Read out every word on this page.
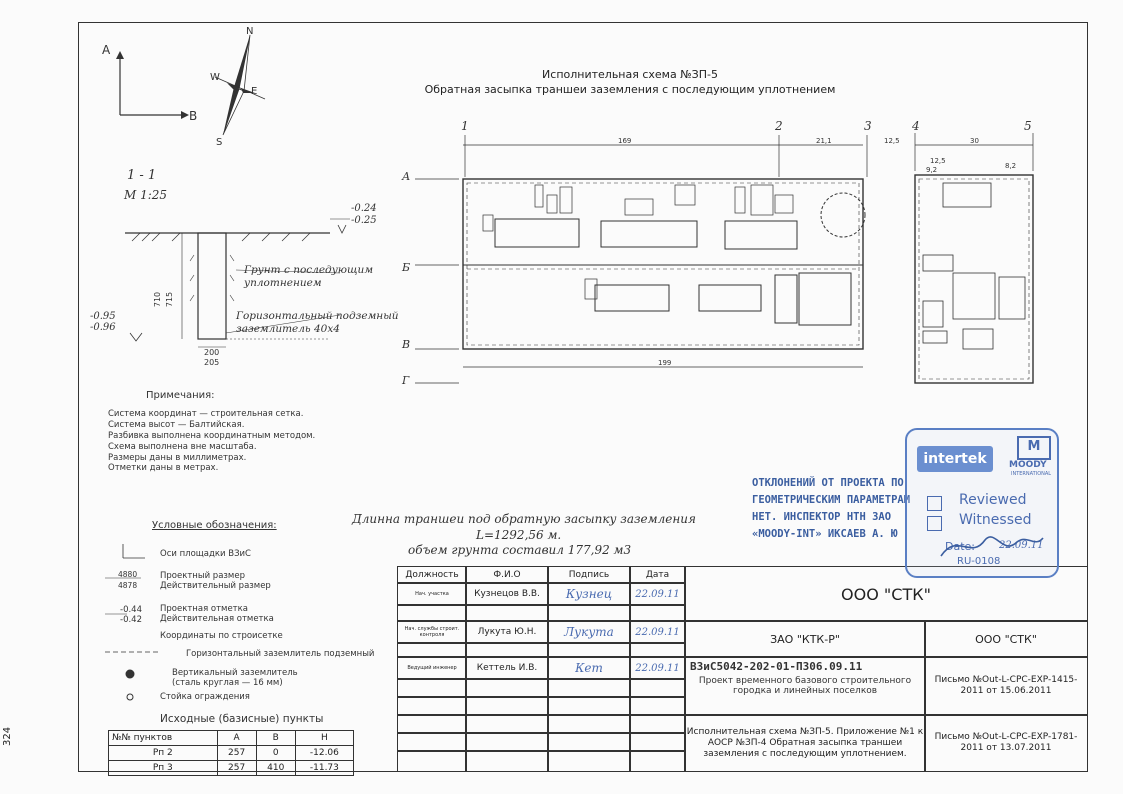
324
A
B
N
S
W
E
Исполнительная схема №ЗП-5
Обратная засыпка траншеи заземления с последующим уплотнением
1 - 1
М 1:25
-0.24
-0.25
-0.95
-0.96
710 715
200
205
Грунт с последующим уплотнением
Горизонтальный подземный заземлитель 40х4
1	2	3	4	5
А
Б
В
Г
169
199
30
21,1	12,5
12,5
9,2	8,2
Примечания:
Система координат — строительная сетка.
Система высот — Балтийская.
Разбивка выполнена координатным методом.
Схема выполнена вне масштаба.
Размеры даны в миллиметрах.
Отметки даны в метрах.
Длинна траншеи под обратную засыпку заземления
L=1292,56 м.
объем грунта составил 177,92 м3
Условные обозначения:
4880
4878
-0.44
-0.42
Оси площадки ВЗиС
Проектный размер
Действительный размер
Проектная отметка
Действительная отметка
Координаты по строисетке
Горизонтальный заземлитель подземный
Вертикальный заземлитель
(сталь круглая — 16 мм)
Стойка ограждения
Исходные (базисные) пункты
№№ пунктов	А	В	Н
Рп 2	257	0	-12.06
Рп 3	257	410	-11.73
Должность	Ф.И.О	Подпись	Дата
Нач. участка	Кузнецов В.В.	Кузнец	22.09.11
Нач. службы строит. контроля	Лукута Ю.Н.	Лукута	22.09.11
Ведущий инженер	Кеттель И.В.	Кет	22.09.11
ООО "СТК"
ЗАО "КТК-Р"	ООО "СТК"
ВЗиС5042-202-01-ПЗ06.09.11
Проект временного базового строительного городка и линейных поселков
Письмо №Out-L-CPC-EXP-1415-2011 от 15.06.2011
Исполнительная схема №ЗП-5. Приложение №1 к АОСР №ЗП-4 Обратная засыпка траншеи заземления с последующим уплотнением.
Письмо №Out-L-CPC-EXP-1781-2011 от 13.07.2011
ОТКЛОНЕНИЙ ОТ ПРОЕКТА ПО
ГЕОМЕТРИЧЕСКИМ ПАРАМЕТРАМ
НЕТ. ИНСПЕКТОР НТН ЗАО
«MOODY-INT» ИКСАЕВ А. Ю
intertek
M
MOODY
INTERNATIONAL
Reviewed
Witnessed
Date: 22.09.11
RU-0108
